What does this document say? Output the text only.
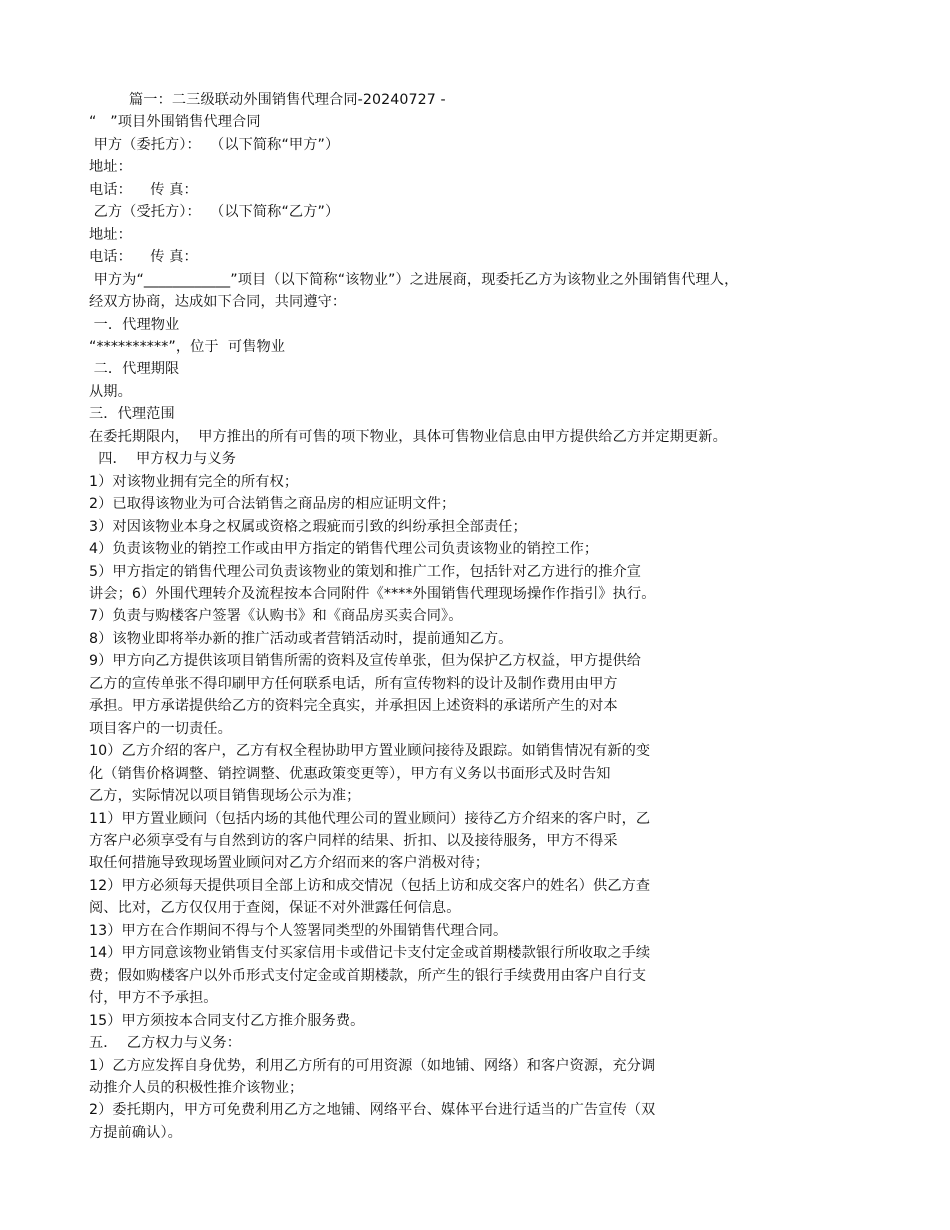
篇一：二三级联动外围销售代理合同-20240727 -
“   ”项目外围销售代理合同
甲方（委托方）：  （以下简称“甲方”）
地址：
电话：    传 真：
乙方（受托方）：  （以下简称“乙方”）
地址：
电话：    传 真：
甲方为“____________”项目（以下简称“该物业”）之进展商，现委托乙方为该物业之外围销售代理人，
经双方协商，达成如下合同，共同遵守：
一．代理物业
“**********”，位于  可售物业
二．代理期限
从期。
三．代理范围
在委托期限内，  甲方推出的所有可售的项下物业，具体可售物业信息由甲方提供给乙方并定期更新。
四．  甲方权力与义务
1）对该物业拥有完全的所有权；
2）已取得该物业为可合法销售之商品房的相应证明文件；
3）对因该物业本身之权属或资格之瑕疵而引致的纠纷承担全部责任；
4）负责该物业的销控工作或由甲方指定的销售代理公司负责该物业的销控工作；
5）甲方指定的销售代理公司负责该物业的策划和推广工作，包括针对乙方进行的推介宣
讲会；6）外围代理转介及流程按本合同附件《****外围销售代理现场操作作指引》执行。
7）负责与购楼客户签署《认购书》和《商品房买卖合同》。
8）该物业即将举办新的推广活动或者营销活动时，提前通知乙方。
9）甲方向乙方提供该项目销售所需的资料及宣传单张，但为保护乙方权益，甲方提供给
乙方的宣传单张不得印刷甲方任何联系电话，所有宣传物料的设计及制作费用由甲方
承担。甲方承诺提供给乙方的资料完全真实，并承担因上述资料的承诺所产生的对本
项目客户的一切责任。
10）乙方介绍的客户，乙方有权全程协助甲方置业顾问接待及跟踪。如销售情况有新的变
化（销售价格调整、销控调整、优惠政策变更等），甲方有义务以书面形式及时告知
乙方，实际情况以项目销售现场公示为准；
11）甲方置业顾问（包括内场的其他代理公司的置业顾问）接待乙方介绍来的客户时，乙
方客户必须享受有与自然到访的客户同样的结果、折扣、以及接待服务，甲方不得采
取任何措施导致现场置业顾问对乙方介绍而来的客户消极对待；
12）甲方必须每天提供项目全部上访和成交情况（包括上访和成交客户的姓名）供乙方查
阅、比对，乙方仅仅用于查阅，保证不对外泄露任何信息。
13）甲方在合作期间不得与个人签署同类型的外围销售代理合同。
14）甲方同意该物业销售支付买家信用卡或借记卡支付定金或首期楼款银行所收取之手续
费；假如购楼客户以外币形式支付定金或首期楼款，所产生的银行手续费用由客户自行支
付，甲方不予承担。
15）甲方须按本合同支付乙方推介服务费。
五．  乙方权力与义务：
1）乙方应发挥自身优势，利用乙方所有的可用资源（如地铺、网络）和客户资源，充分调
动推介人员的积极性推介该物业；
2）委托期内，甲方可免费利用乙方之地铺、网络平台、媒体平台进行适当的广告宣传（双
方提前确认）。
